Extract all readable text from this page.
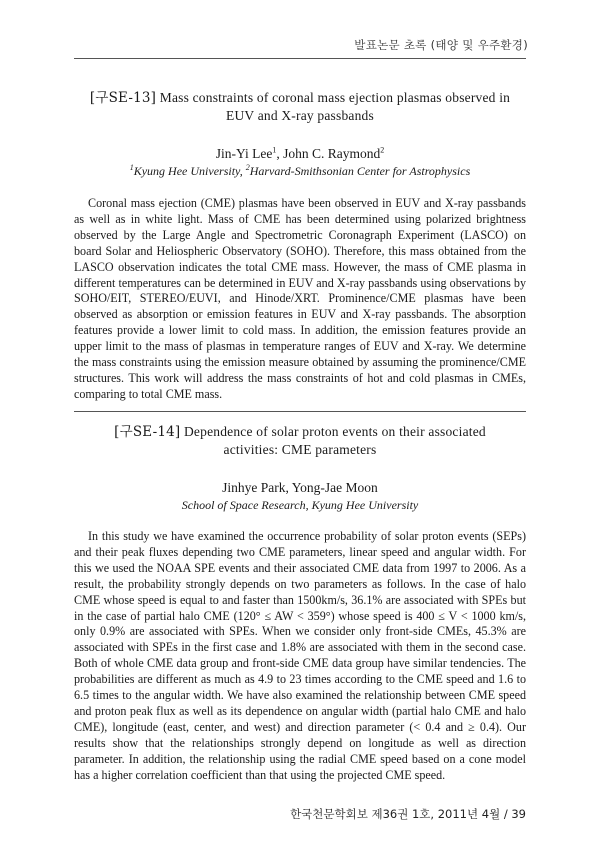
발표논문 초록 (태양 및 우주환경)

[구SE-13] Mass constraints of coronal mass ejection plasmas observed in
EUV and X-ray passbands

Jin-Yi Lee$^1$, John C. Raymond$^2$

$^1$Kyung Hee University, $^2$Harvard-Smithsonian Center for Astrophysics

Coronal mass ejection (CME) plasmas have been observed in EUV and X-ray passbands as well as in white light. Mass of CME has been determined using polarized brightness observed by the Large Angle and Spectrometric Coronagraph Experiment (LASCO) on board Solar and Heliospheric Observatory (SOHO). Therefore, this mass obtained from the LASCO observation indicates the total CME mass. However, the mass of CME plasma in different temperatures can be determined in EUV and X-ray passbands using observations by SOHO/EIT, STEREO/EUVI, and Hinode/XRT. Prominence/CME plasmas have been observed as absorption or emission features in EUV and X-ray passbands. The absorption features provide a lower limit to cold mass. In addition, the emission features provide an upper limit to the mass of plasmas in temperature ranges of EUV and X-ray. We determine the mass constraints using the emission measure obtained by assuming the prominence/CME structures. This work will address the mass constraints of hot and cold plasmas in CMEs, comparing to total CME mass.

[구SE-14] Dependence of solar proton events on their associated
activities: CME parameters

Jinhye Park, Yong-Jae Moon

School of Space Research, Kyung Hee University

In this study we have examined the occurrence probability of solar proton events (SEPs) and their peak fluxes depending two CME parameters, linear speed and angular width. For this we used the NOAA SPE events and their associated CME data from 1997 to 2006. As a result, the probability strongly depends on two parameters as follows. In the case of halo CME whose speed is equal to and faster than 1500km/s, 36.1% are associated with SPEs but in the case of partial halo CME (120° ≤ AW < 359°) whose speed is 400 ≤ V < 1000 km/s, only 0.9% are associated with SPEs. When we consider only front-side CMEs, 45.3% are associated with SPEs in the first case and 1.8% are associated with them in the second case. Both of whole CME data group and front-side CME data group have similar tendencies. The probabilities are different as much as 4.9 to 23 times according to the CME speed and 1.6 to 6.5 times to the angular width. We have also examined the relationship between CME speed and proton peak flux as well as its dependence on angular width (partial halo CME and halo CME), longitude (east, center, and west) and direction parameter (< 0.4 and ≥ 0.4). Our results show that the relationships strongly depend on longitude as well as direction parameter. In addition, the relationship using the radial CME speed based on a cone model has a higher correlation coefficient than that using the projected CME speed.

한국천문학회보 제36권 1호, 2011년 4월 / 39
